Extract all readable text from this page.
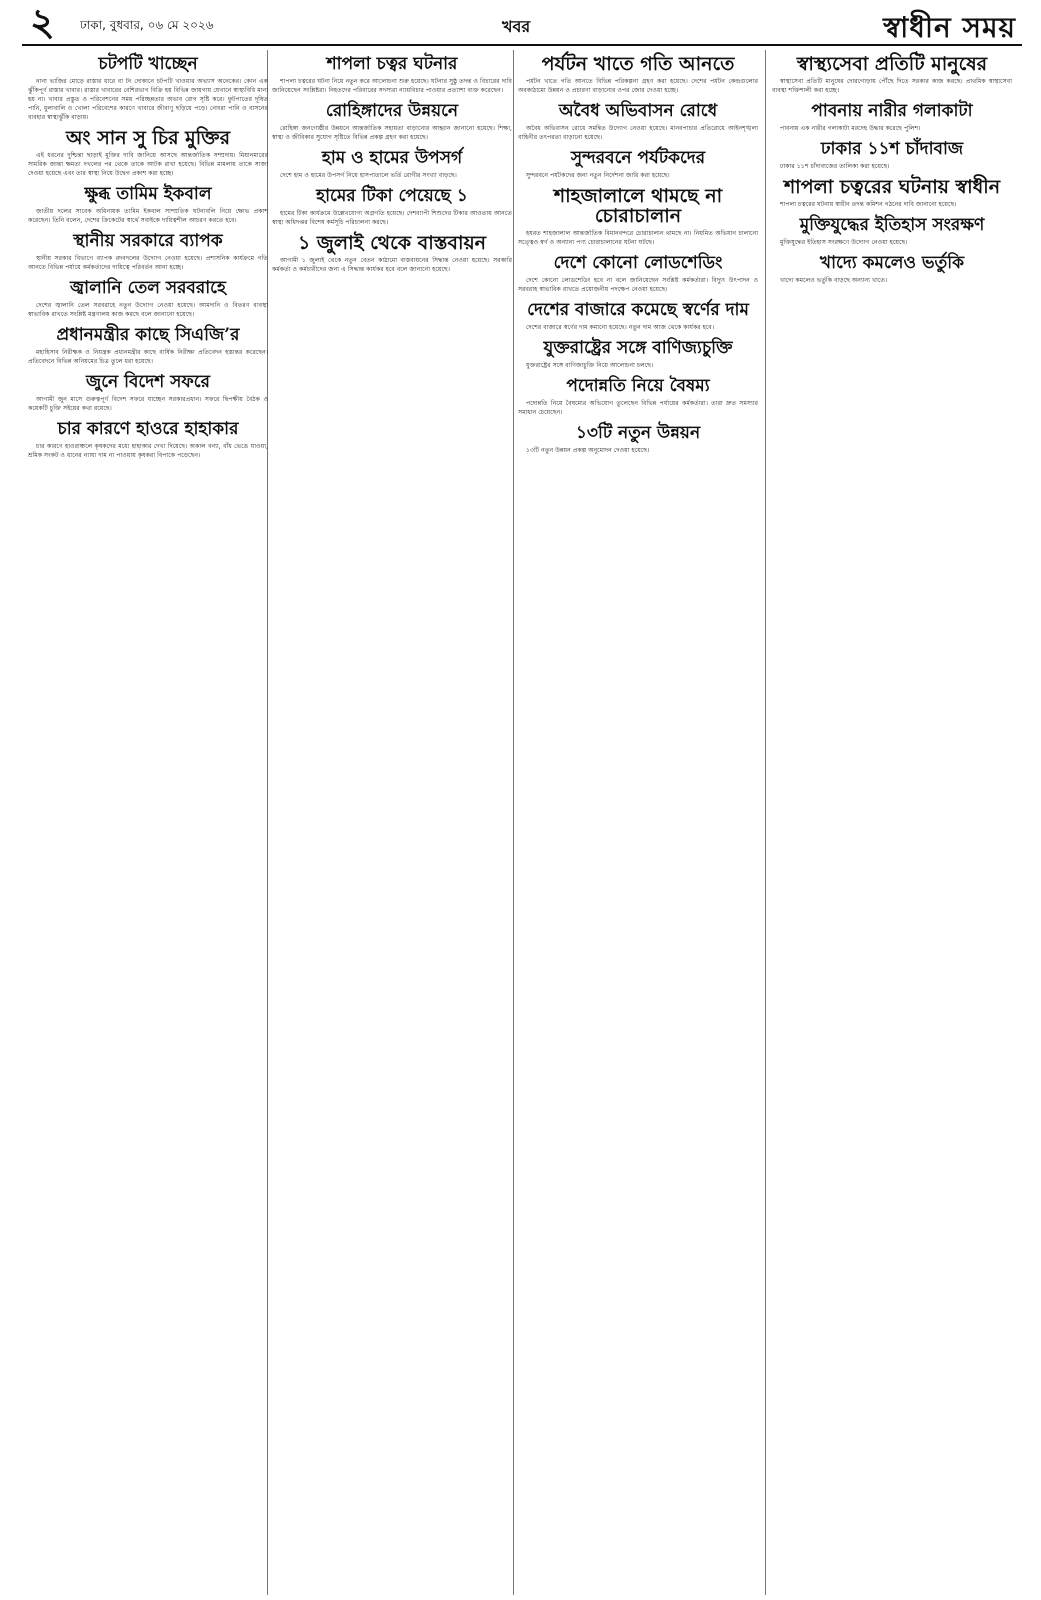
২ ঢাকা, বুধবার, ০৬ মে ২০২৬	খবর	স্বাধীন সময়
চটপটি খাচ্ছেন

নানা ভাজির মোড়ে রাস্তার ধারে বা টং দোকানে চটপটি খাওয়ার অভ্যাস অনেকের। কোন এক ঝুঁকিপূর্ণ রাস্তার খাবার। রাস্তার খাবারের বেশিরভাগ বিক্রি হয় বিভিন্ন জায়গায় যেখানে স্বাস্থ্যবিধি মানা হয় না। খাবার প্রস্তুত ও পরিবেশনের সময় পরিচ্ছন্নতার অভাব রোগ সৃষ্টি করে। ফুটপাতের দূষিত পানি, ধুলাবালি ও খোলা পরিবেশের কারণে খাবারে জীবাণু ছড়িয়ে পড়ে। নোংরা পানি ও বাসনের ব্যবহার স্বাস্থ্যঝুঁকি বাড়ায়।

অং সান সু চির মুক্তির

এই ধরনের দুশ্চিন্তা ছাড়াই মুক্তির দাবি জানিয়ে আসছে আন্তর্জাতিক সম্প্রদায়। মিয়ানমারের সামরিক জান্তা ক্ষমতা দখলের পর থেকে তাকে আটক রাখা হয়েছে। বিভিন্ন মামলায় তাকে সাজা দেওয়া হয়েছে এবং তার স্বাস্থ্য নিয়ে উদ্বেগ প্রকাশ করা হচ্ছে।

ক্ষুব্ধ তামিম ইকবাল

জাতীয় দলের সাবেক অধিনায়ক তামিম ইকবাল সাম্প্রতিক ঘটনাবলি নিয়ে ক্ষোভ প্রকাশ করেছেন। তিনি বলেন, দেশের ক্রিকেটের স্বার্থে সবাইকে দায়িত্বশীল আচরণ করতে হবে।

স্থানীয় সরকারে ব্যাপক

স্থানীয় সরকার বিভাগে ব্যাপক রদবদলের উদ্যোগ নেওয়া হয়েছে। প্রশাসনিক কার্যক্রমে গতি আনতে বিভিন্ন পর্যায়ে কর্মকর্তাদের দায়িত্বে পরিবর্তন আনা হচ্ছে।

জ্বালানি তেল সরবরাহে

দেশের জ্বালানি তেল সরবরাহে নতুন উদ্যোগ নেওয়া হয়েছে। আমদানি ও বিতরণ ব্যবস্থা স্বাভাবিক রাখতে সংশ্লিষ্ট মন্ত্রণালয় কাজ করছে বলে জানানো হয়েছে।

প্রধানমন্ত্রীর কাছে সিএজি’র

মহাহিসাব নিরীক্ষক ও নিয়ন্ত্রক প্রধানমন্ত্রীর কাছে বার্ষিক নিরীক্ষা প্রতিবেদন হস্তান্তর করেছেন। প্রতিবেদনে বিভিন্ন অনিয়মের চিত্র তুলে ধরা হয়েছে।

জুনে বিদেশ সফরে

আগামী জুন মাসে গুরুত্বপূর্ণ বিদেশ সফরে যাচ্ছেন সরকারপ্রধান। সফরে দ্বিপক্ষীয় বৈঠক ও কয়েকটি চুক্তি সইয়ের কথা রয়েছে।

চার কারণে হাওরে হাহাকার

চার কারণে হাওরাঞ্চলে কৃষকদের মধ্যে হাহাকার দেখা দিয়েছে। অকাল বন্যা, বাঁধ ভেঙে যাওয়া, শ্রমিক সংকট ও ধানের ন্যায্য দাম না পাওয়ায় কৃষকরা বিপাকে পড়েছেন।

শাপলা চত্বর ঘটনার

শাপলা চত্বরের ঘটনা নিয়ে নতুন করে আলোচনা শুরু হয়েছে। ঘটনার সুষ্ঠু তদন্ত ও বিচারের দাবি জানিয়েছেন সংশ্লিষ্টরা। নিহতদের পরিবারের সদস্যরা ন্যায়বিচার পাওয়ার প্রত্যাশা ব্যক্ত করেছেন।

রোহিঙ্গাদের উন্নয়নে

রোহিঙ্গা জনগোষ্ঠীর উন্নয়নে আন্তর্জাতিক সহায়তা বাড়ানোর আহ্বান জানানো হয়েছে। শিক্ষা, স্বাস্থ্য ও জীবিকার সুযোগ সৃষ্টিতে বিভিন্ন প্রকল্প গ্রহণ করা হয়েছে।

হাম ও হামের উপসর্গ

দেশে হাম ও হামের উপসর্গ নিয়ে হাসপাতালে ভর্তি রোগীর সংখ্যা বাড়ছে।

হামের টিকা পেয়েছে ১

হামের টিকা কার্যক্রমে উল্লেখযোগ্য অগ্রগতি হয়েছে। দেশব্যাপী শিশুদের টিকার আওতায় আনতে স্বাস্থ্য অধিদপ্তর বিশেষ কর্মসূচি পরিচালনা করছে।

১ জুলাই থেকে বাস্তবায়ন

আগামী ১ জুলাই থেকে নতুন বেতন কাঠামো বাস্তবায়নের সিদ্ধান্ত নেওয়া হয়েছে। সরকারি কর্মকর্তা ও কর্মচারীদের জন্য এ সিদ্ধান্ত কার্যকর হবে বলে জানানো হয়েছে।

পর্যটন খাতে গতি আনতে

পর্যটন খাতে গতি আনতে বিভিন্ন পরিকল্পনা গ্রহণ করা হয়েছে। দেশের পর্যটন কেন্দ্রগুলোর অবকাঠামো উন্নয়ন ও প্রচারণা বাড়ানোর ওপর জোর দেওয়া হচ্ছে।

অবৈধ অভিবাসন রোধে

অবৈধ অভিবাসন রোধে সমন্বিত উদ্যোগ নেওয়া হয়েছে। মানবপাচার প্রতিরোধে আইনশৃঙ্খলা বাহিনীর তৎপরতা বাড়ানো হয়েছে।

সুন্দরবনে পর্যটকদের

সুন্দরবনে পর্যটকদের জন্য নতুন নির্দেশনা জারি করা হয়েছে।

শাহজালালে থামছে না চোরাচালান

হযরত শাহজালাল আন্তর্জাতিক বিমানবন্দরে চোরাচালান থামছে না। নিয়মিত অভিযান চালানো সত্ত্বেও স্বর্ণ ও অন্যান্য পণ্য চোরাচালানের ঘটনা ঘটছে।

দেশে কোনো লোডশেডিং

দেশে কোনো লোডশেডিং হবে না বলে জানিয়েছেন সংশ্লিষ্ট কর্মকর্তারা। বিদ্যুৎ উৎপাদন ও সরবরাহ স্বাভাবিক রাখতে প্রয়োজনীয় পদক্ষেপ নেওয়া হয়েছে।

দেশের বাজারে কমেছে স্বর্ণের দাম

দেশের বাজারে স্বর্ণের দাম কমানো হয়েছে। নতুন দাম আজ থেকে কার্যকর হবে।

যুক্তরাষ্ট্রের সঙ্গে বাণিজ্যচুক্তি

যুক্তরাষ্ট্রের সঙ্গে বাণিজ্যচুক্তি নিয়ে আলোচনা চলছে।

পদোন্নতি নিয়ে বৈষম্য

পদোন্নতি নিয়ে বৈষম্যের অভিযোগ তুলেছেন বিভিন্ন পর্যায়ের কর্মকর্তারা। তারা দ্রুত সমস্যার সমাধান চেয়েছেন।

১৩টি নতুন উন্নয়ন

১৩টি নতুন উন্নয়ন প্রকল্প অনুমোদন দেওয়া হয়েছে।

স্বাস্থ্যসেবা প্রতিটি মানুষের

স্বাস্থ্যসেবা প্রতিটি মানুষের দোরগোড়ায় পৌঁছে দিতে সরকার কাজ করছে। প্রাথমিক স্বাস্থ্যসেবা ব্যবস্থা শক্তিশালী করা হচ্ছে।

পাবনায় নারীর গলাকাটা

পাবনায় এক নারীর গলাকাটা মরদেহ উদ্ধার করেছে পুলিশ।

ঢাকার ১১শ চাঁদাবাজ

ঢাকার ১১শ চাঁদাবাজের তালিকা করা হয়েছে।

শাপলা চত্বরের ঘটনায় স্বাধীন

শাপলা চত্বরের ঘটনায় স্বাধীন তদন্ত কমিশন গঠনের দাবি জানানো হয়েছে।

মুক্তিযুদ্ধের ইতিহাস সংরক্ষণ

মুক্তিযুদ্ধের ইতিহাস সংরক্ষণে উদ্যোগ নেওয়া হয়েছে।

খাদ্যে কমলেও ভর্তুকি

খাদ্যে কমলেও ভর্তুকি বাড়ছে অন্যান্য খাতে।
